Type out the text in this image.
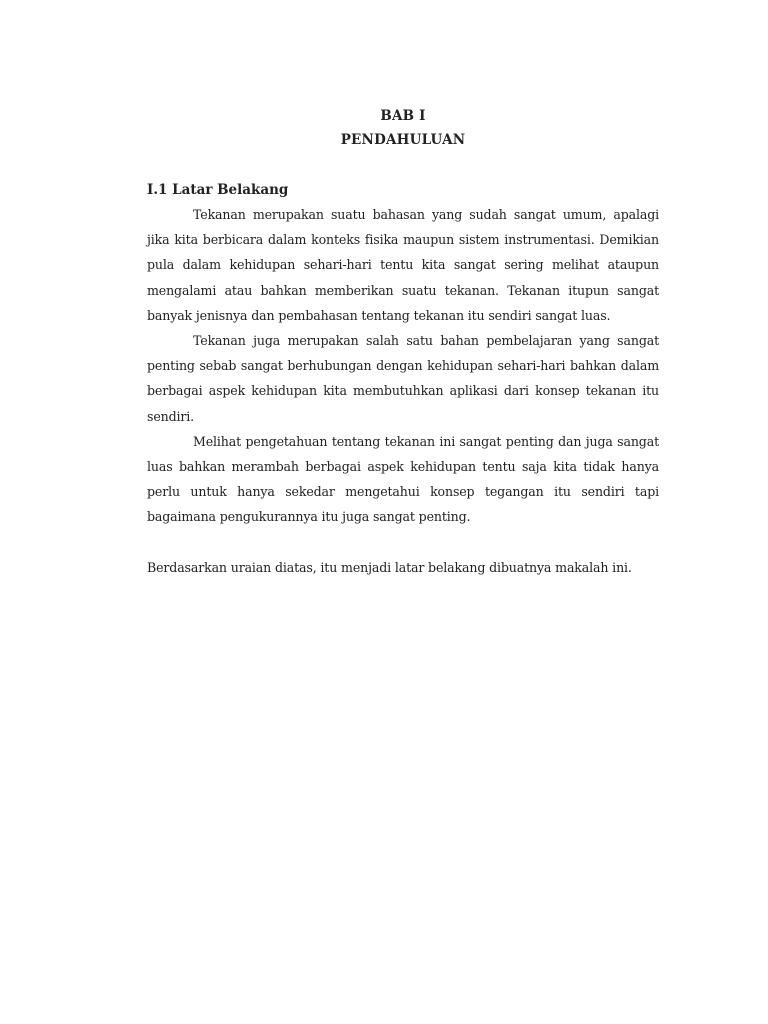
BAB I
PENDAHULUAN
I.1 Latar Belakang

Tekanan merupakan suatu bahasan yang sudah sangat umum, apalagi jika kita berbicara dalam konteks fisika maupun sistem instrumentasi. Demikian pula dalam kehidupan sehari-hari tentu kita sangat sering melihat ataupun mengalami atau bahkan memberikan suatu tekanan. Tekanan itupun sangat banyak jenisnya dan pembahasan tentang tekanan itu sendiri sangat luas.

Tekanan juga merupakan salah satu bahan pembelajaran yang sangat penting sebab sangat berhubungan dengan kehidupan sehari-hari bahkan dalam berbagai aspek kehidupan kita membutuhkan aplikasi dari konsep tekanan itu sendiri.

Melihat pengetahuan tentang tekanan ini sangat penting dan juga sangat luas bahkan merambah berbagai aspek kehidupan tentu saja kita tidak hanya perlu untuk hanya sekedar mengetahui konsep tegangan itu sendiri tapi bagaimana pengukurannya itu juga sangat penting.

Berdasarkan uraian diatas, itu menjadi latar belakang dibuatnya makalah ini.
